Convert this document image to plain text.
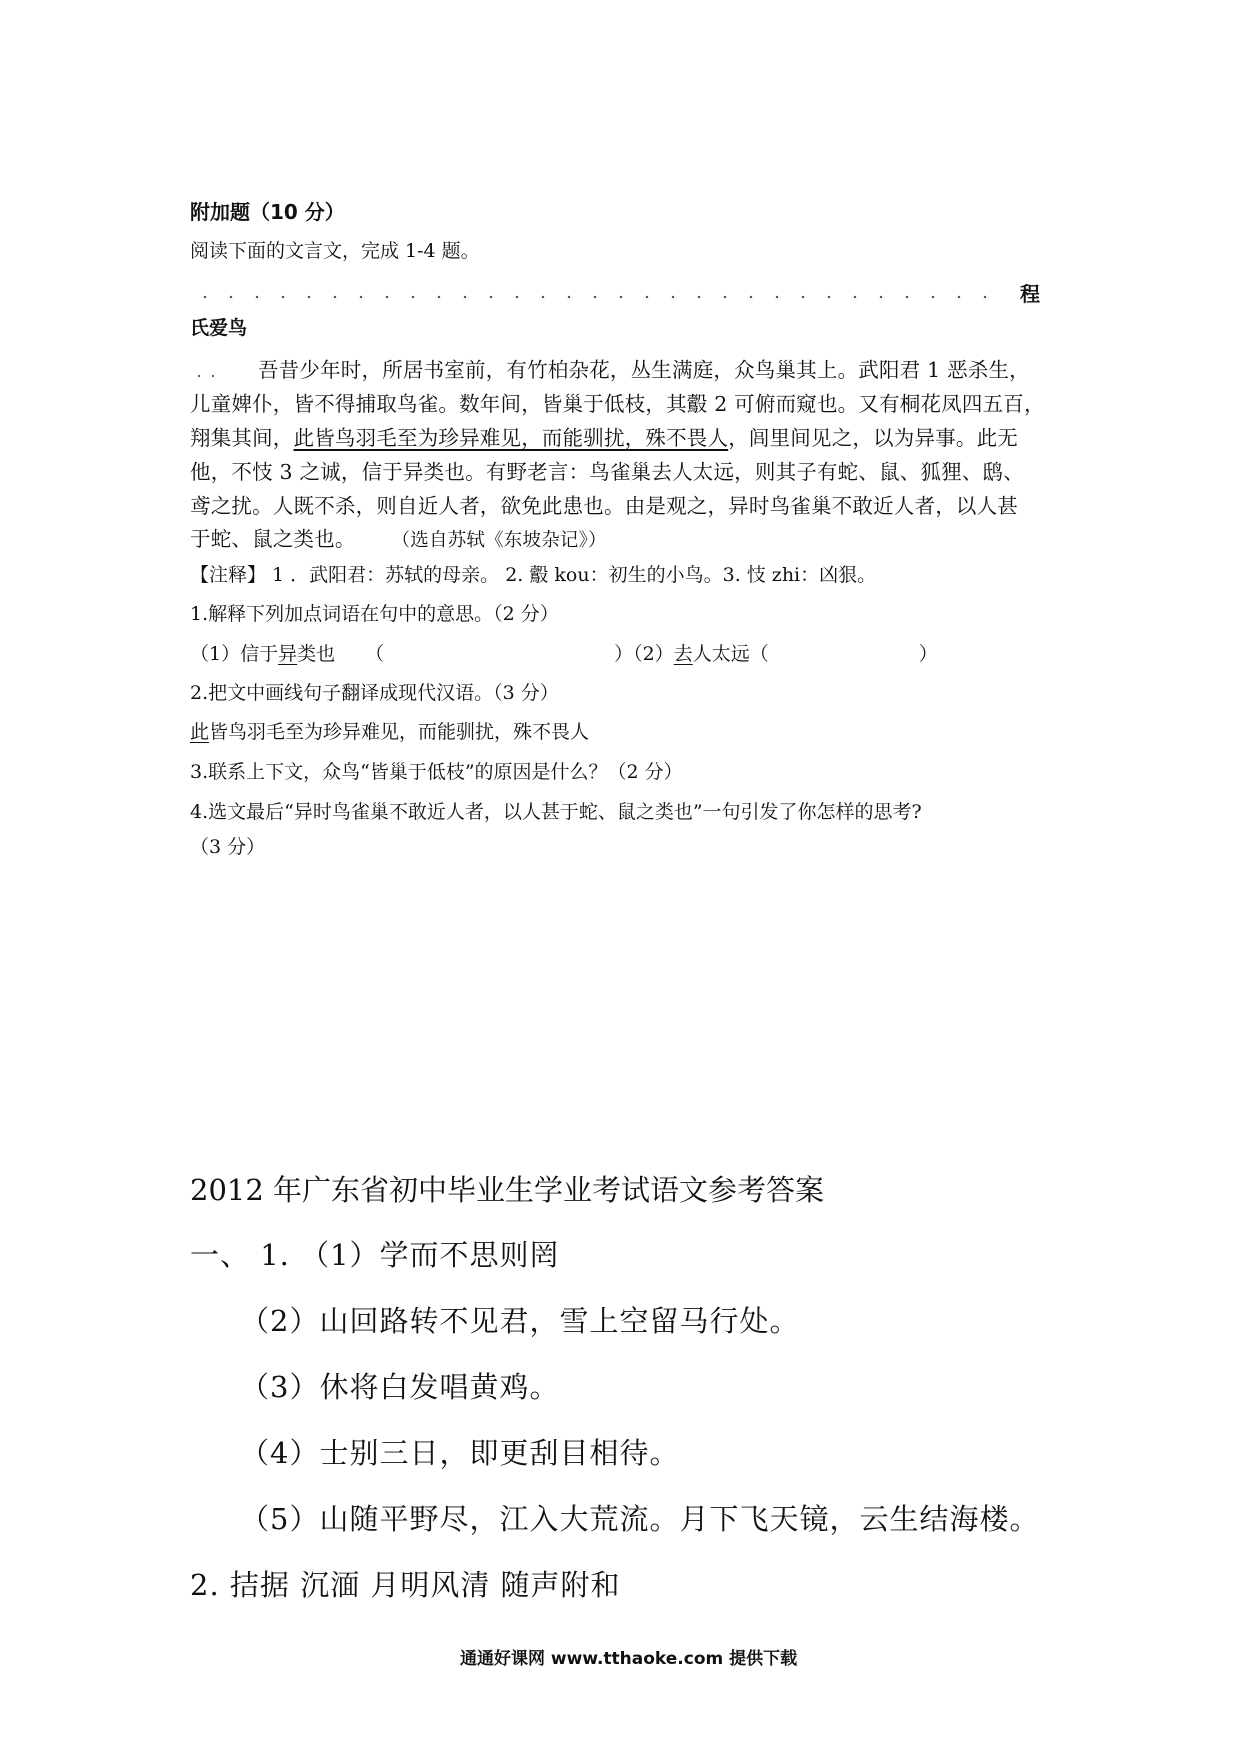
附加题（10 分）
阅读下面的文言文，完成 1-4 题。
程
氏爱鸟
吾昔少年时，所居书室前，有竹柏杂花，丛生满庭，众鸟巢其上。武阳君 1 恶杀生，
儿童婢仆，皆不得捕取鸟雀。数年间，皆巢于低枝，其鷇 2 可俯而窥也。又有桐花凤四五百，
翔集其间，此皆鸟羽毛至为珍异难见，而能驯扰，殊不畏人，闾里间见之，以为异事。此无
他，不忮 3 之诚，信于异类也。有野老言：鸟雀巢去人太远，则其子有蛇、鼠、狐狸、鸱、
鸢之扰。人既不杀，则自近人者，欲免此患也。由是观之，异时鸟雀巢不敢近人者，以人甚
于蛇、鼠之类也。 （选自苏轼《东坡杂记》）
【注释】 1 ．武阳君：苏轼的母亲。 2. 鷇 kou：初生的小鸟。3. 忮 zhi：凶狠。
1.解释下列加点词语在句中的意思。（2 分）
（1）信于异类也 （	）（2）去人太远（	）
2.把文中画线句子翻译成现代汉语。（3 分）
此皆鸟羽毛至为珍异难见，而能驯扰，殊不畏人
3.联系上下文，众鸟“皆巢于低枝”的原因是什么？（2 分）
4.选文最后“异时鸟雀巢不敢近人者，以人甚于蛇、鼠之类也”一句引发了你怎样的思考?
（3 分）
2012 年广东省初中毕业生学业考试语文参考答案
一、 1. （1）学而不思则罔
（2）山回路转不见君，雪上空留马行处。
（3）休将白发唱黄鸡。
（4）士别三日，即更刮目相待。
（5）山随平野尽，江入大荒流。月下飞天镜，云生结海楼。
2. 拮据 沉湎 月明风清 随声附和
通通好课网 www.tthaoke.com 提供下载
